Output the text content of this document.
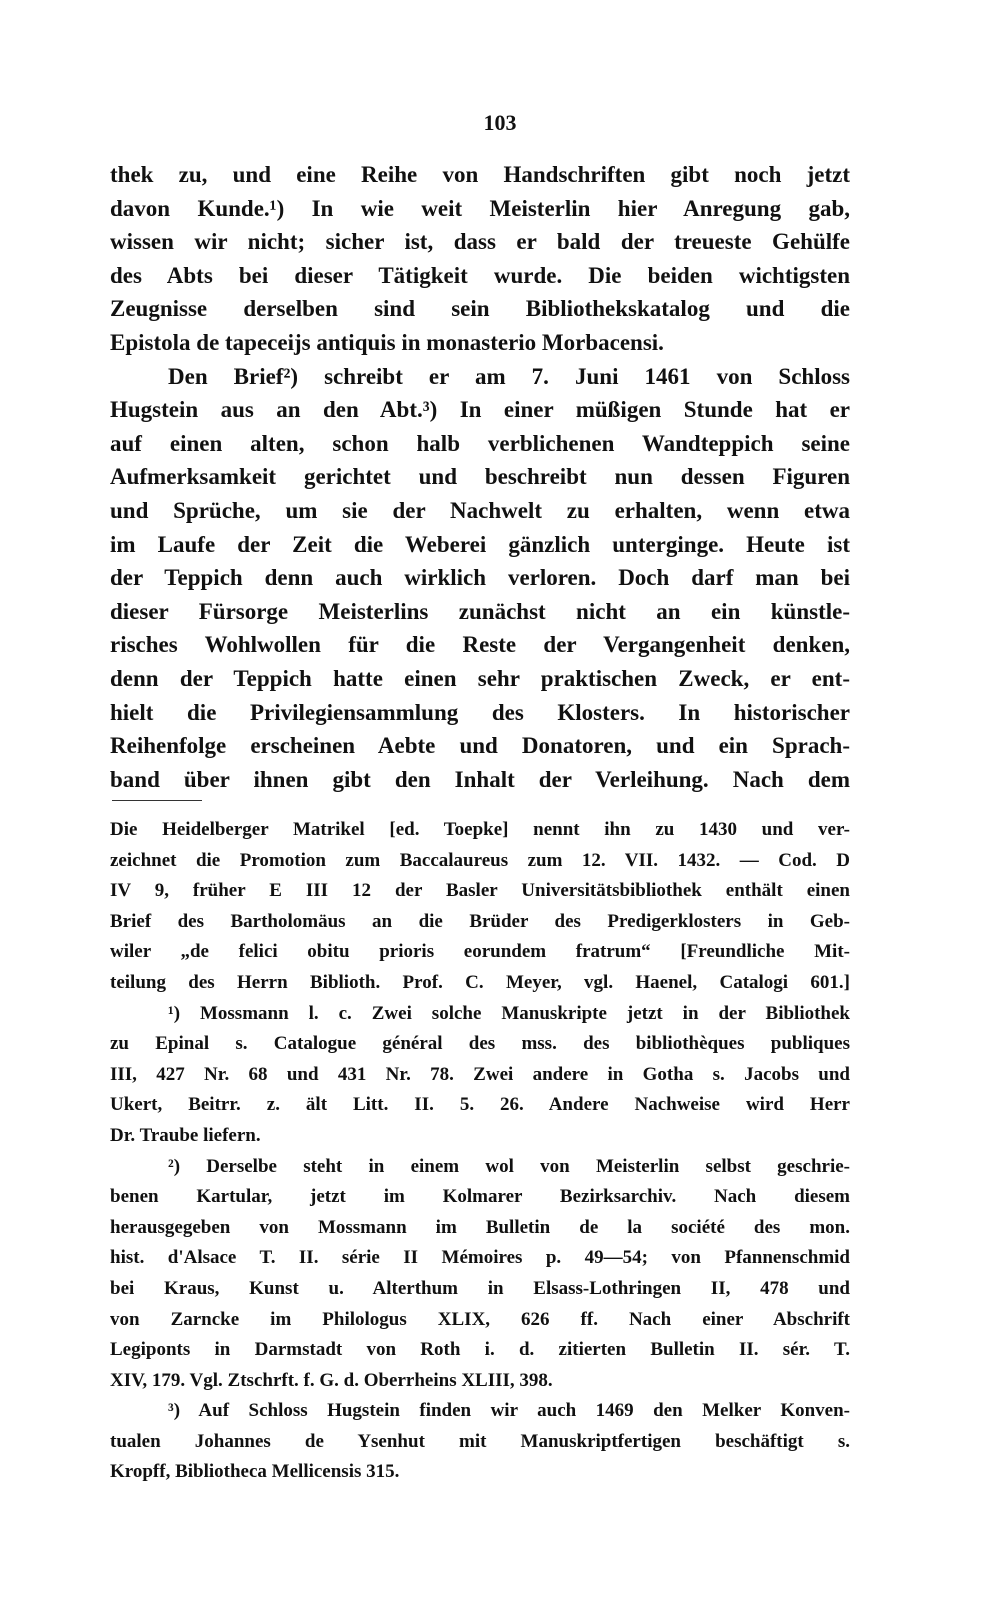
103
thek zu, und eine Reihe von Handschriften gibt noch jetzt
davon Kunde.¹) In wie weit Meisterlin hier Anregung gab,
wissen wir nicht; sicher ist, dass er bald der treueste Gehülfe
des Abts bei dieser Tätigkeit wurde. Die beiden wichtigsten
Zeugnisse derselben sind sein Bibliothekskatalog und die
Epistola de tapeceijs antiquis in monasterio Morbacensi.
Den Brief²) schreibt er am 7. Juni 1461 von Schloss
Hugstein aus an den Abt.³) In einer müßigen Stunde hat er
auf einen alten, schon halb verblichenen Wandteppich seine
Aufmerksamkeit gerichtet und beschreibt nun dessen Figuren
und Sprüche, um sie der Nachwelt zu erhalten, wenn etwa
im Laufe der Zeit die Weberei gänzlich unterginge. Heute ist
der Teppich denn auch wirklich verloren. Doch darf man bei
dieser Fürsorge Meisterlins zunächst nicht an ein künstle-
risches Wohlwollen für die Reste der Vergangenheit denken,
denn der Teppich hatte einen sehr praktischen Zweck, er ent-
hielt die Privilegiensammlung des Klosters. In historischer
Reihenfolge erscheinen Aebte und Donatoren, und ein Sprach-
band über ihnen gibt den Inhalt der Verleihung. Nach dem
Die Heidelberger Matrikel [ed. Toepke] nennt ihn zu 1430 und ver-
zeichnet die Promotion zum Baccalaureus zum 12. VII. 1432. — Cod. D
IV 9, früher E III 12 der Basler Universitätsbibliothek enthält einen
Brief des Bartholomäus an die Brüder des Predigerklosters in Geb-
wiler „de felici obitu prioris eorundem fratrum“ [Freundliche Mit-
teilung des Herrn Biblioth. Prof. C. Meyer, vgl. Haenel, Catalogi 601.]
¹) Mossmann l. c. Zwei solche Manuskripte jetzt in der Bibliothek
zu Epinal s. Catalogue général des mss. des bibliothèques publiques
III, 427 Nr. 68 und 431 Nr. 78. Zwei andere in Gotha s. Jacobs und
Ukert, Beitrr. z. ält Litt. II. 5. 26. Andere Nachweise wird Herr
Dr. Traube liefern.
²) Derselbe steht in einem wol von Meisterlin selbst geschrie-
benen Kartular, jetzt im Kolmarer Bezirksarchiv. Nach diesem
herausgegeben von Mossmann im Bulletin de la société des mon.
hist. d'Alsace T. II. série II Mémoires p. 49—54; von Pfannenschmid
bei Kraus, Kunst u. Alterthum in Elsass-Lothringen II, 478 und
von Zarncke im Philologus XLIX, 626 ff. Nach einer Abschrift
Legiponts in Darmstadt von Roth i. d. zitierten Bulletin II. sér. T.
XIV, 179. Vgl. Ztschrft. f. G. d. Oberrheins XLIII, 398.
³) Auf Schloss Hugstein finden wir auch 1469 den Melker Konven-
tualen Johannes de Ysenhut mit Manuskriptfertigen beschäftigt s.
Kropff, Bibliotheca Mellicensis 315.
